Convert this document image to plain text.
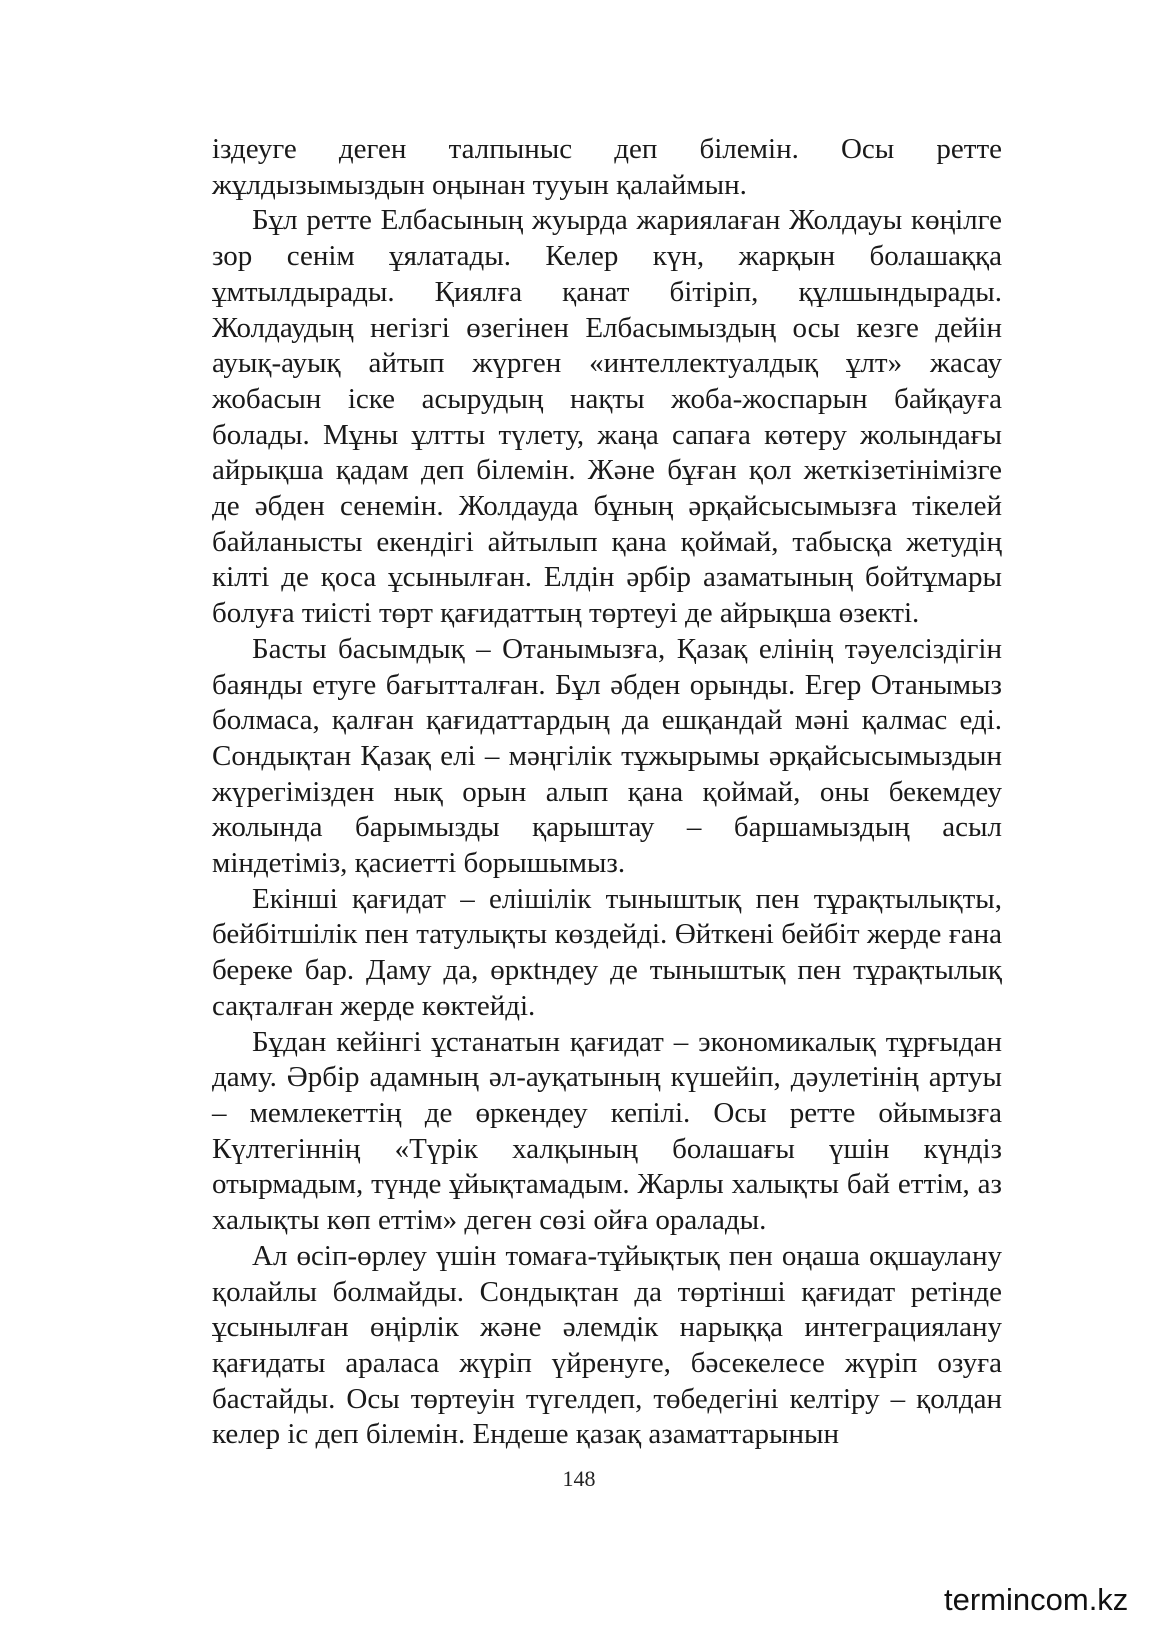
іздеуге деген талпыныс деп білемін. Осы ретте жұлдызымыздын оңынан тууын қалаймын.

Бұл ретте Елбасының жуырда жариялаған Жолдауы көңілге зор сенім ұялатады. Келер күн, жарқын болашаққа ұмтылдырады. Қиялға қанат бітіріп, құлшындырады. Жолдаудың негізгі өзегінен Елбасымыздың осы кезге дейін ауық-ауық айтып жүрген «интеллектуалдық ұлт» жасау жобасын іске асырудың нақты жоба-жоспарын байқауға болады. Мұны ұлтты түлету, жаңа сапаға көтеру жолындағы айрықша қадам деп білемін. Және бұған қол жеткізетінімізге де әбден сенемін. Жолдауда бұның әрқайсысымызға тікелей байланысты екендігі айтылып қана қоймай, табысқа жетудің кілті де қоса ұсынылған. Елдін әрбір азаматының бойтұмары болуға тиісті төрт қағидаттың төртеуі де айрықша өзекті.

Басты басымдық – Отанымызға, Қазақ елінің тәуелсіздігін баянды етуге бағытталған. Бұл әбден орынды. Егер Отанымыз болмаса, қалған қағидаттардың да ешқандай мәні қалмас еді. Сондықтан Қазақ елі – мәңгілік тұжырымы әрқайсысымыздын жүрегімізден нық орын алып қана қоймай, оны бекемдеу жолында барымызды қарыштау – баршамыздың асыл міндетіміз, қасиетті борышымыз.

Екінші қағидат – елішілік тыныштық пен тұрақтылықты, бейбітшілік пен татулықты көздейді. Өйткені бейбіт жерде ғана береке бар. Даму да, өркtндеу де тыныштық пен тұрақтылық сақталған жерде көктейді.

Бұдан кейінгі ұстанатын қағидат – экономикалық тұрғыдан даму. Әрбір адамның әл-ауқатының күшейіп, дәулетінің артуы – мемлекеттің де өркендеу кепілі. Осы ретте ойымызға Күлтегіннің «Түрік халқының болашағы үшін күндіз отырмадым, түнде ұйықтамадым. Жарлы халықты бай еттім, аз халықты көп еттім» деген сөзі ойға оралады.

Ал өсіп-өрлеу үшін томаға-тұйықтық пен оңаша оқшаулану қолайлы болмайды. Сондықтан да төртінші қағидат ретінде ұсынылған өңірлік және әлемдік нарыққа интеграциялану қағидаты араласа жүріп үйренуге, бәсекелесе жүріп озуға бастайды. Осы төртеуін түгелдеп, төбедегіні келтіру – қолдан келер іс деп білемін. Ендеше қазақ азаматтарынын

148
termincom.kz
